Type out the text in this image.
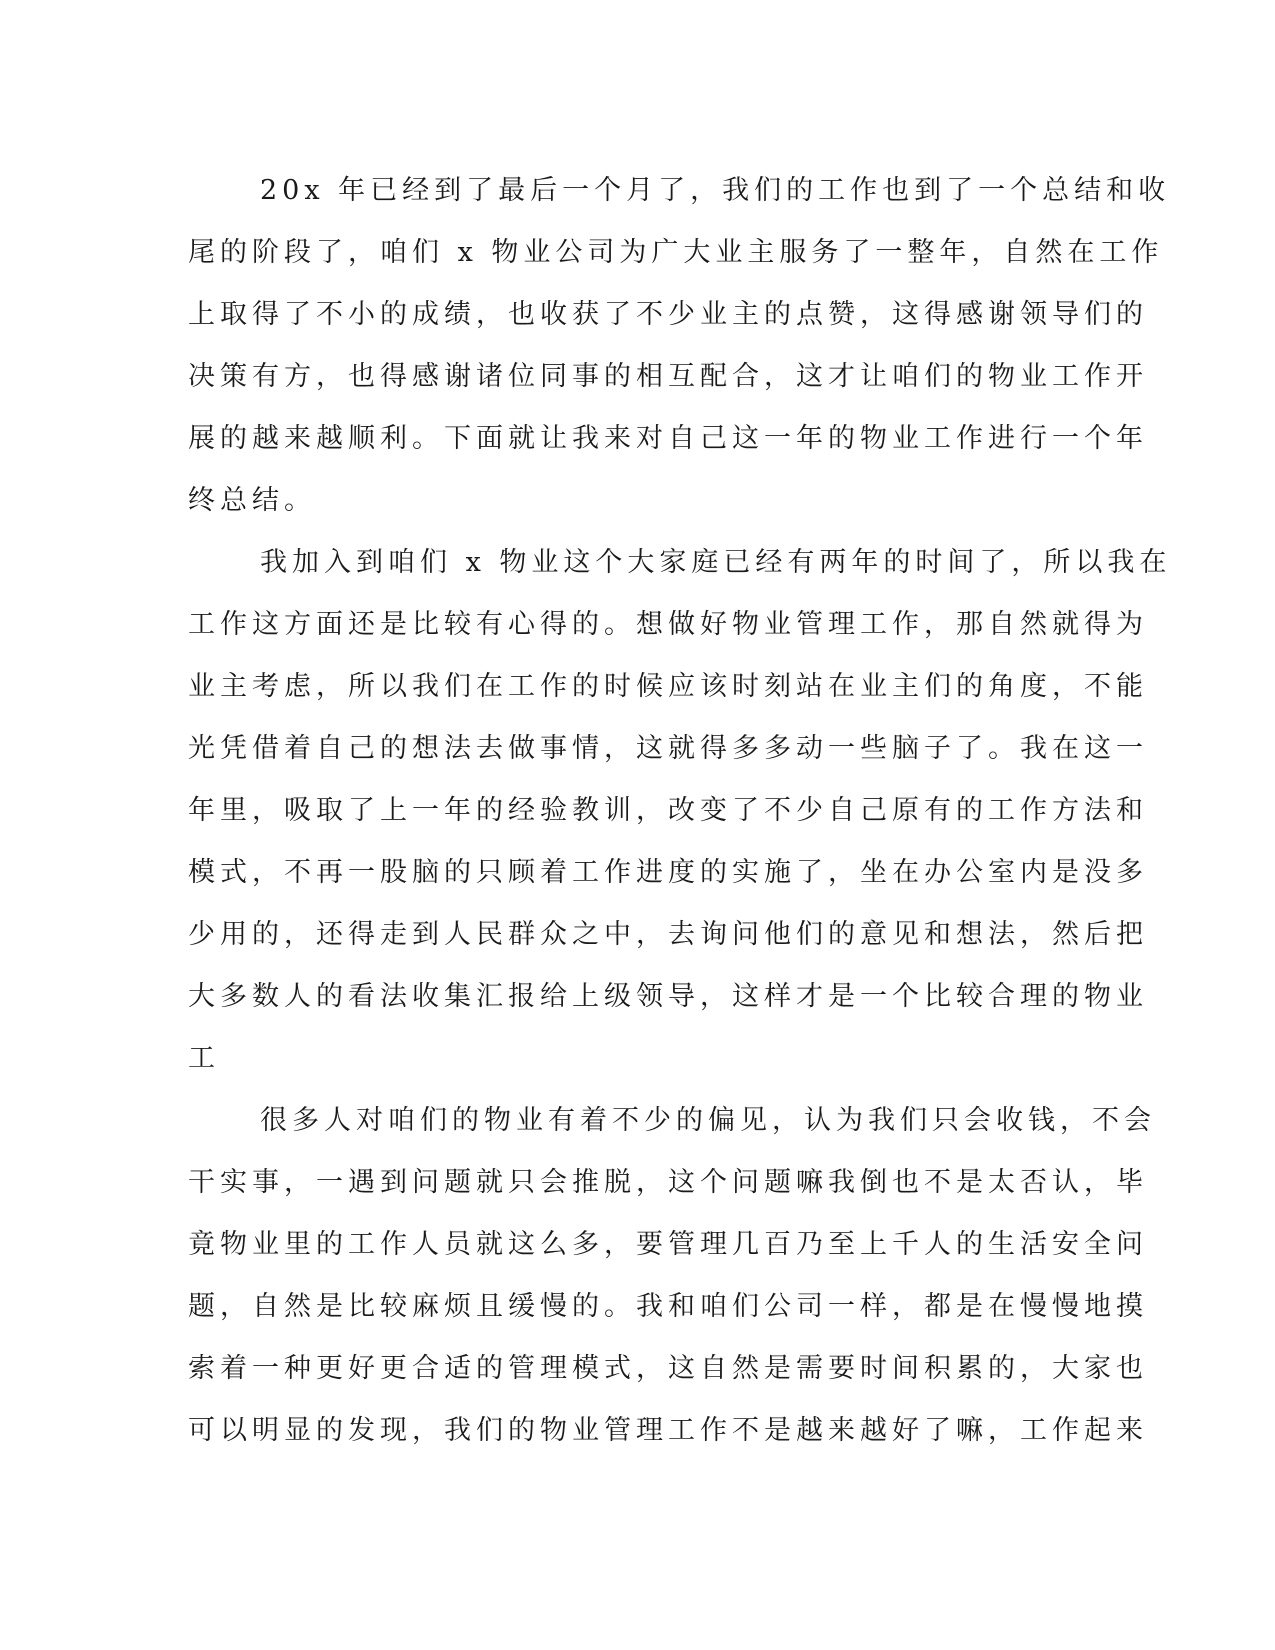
20x 年已经到了最后一个月了，我们的工作也到了一个总结和收
尾的阶段了，咱们 x 物业公司为广大业主服务了一整年，自然在工作
上取得了不小的成绩，也收获了不少业主的点赞，这得感谢领导们的
决策有方，也得感谢诸位同事的相互配合，这才让咱们的物业工作开
展的越来越顺利。下面就让我来对自己这一年的物业工作进行一个年
终总结。
我加入到咱们 x 物业这个大家庭已经有两年的时间了，所以我在
工作这方面还是比较有心得的。想做好物业管理工作，那自然就得为
业主考虑，所以我们在工作的时候应该时刻站在业主们的角度，不能
光凭借着自己的想法去做事情，这就得多多动一些脑子了。我在这一
年里，吸取了上一年的经验教训，改变了不少自己原有的工作方法和
模式，不再一股脑的只顾着工作进度的实施了，坐在办公室内是没多
少用的，还得走到人民群众之中，去询问他们的意见和想法，然后把
大多数人的看法收集汇报给上级领导，这样才是一个比较合理的物业
工
很多人对咱们的物业有着不少的偏见，认为我们只会收钱，不会
干实事，一遇到问题就只会推脱，这个问题嘛我倒也不是太否认，毕
竟物业里的工作人员就这么多，要管理几百乃至上千人的生活安全问
题，自然是比较麻烦且缓慢的。我和咱们公司一样，都是在慢慢地摸
索着一种更好更合适的管理模式，这自然是需要时间积累的，大家也
可以明显的发现，我们的物业管理工作不是越来越好了嘛，工作起来
